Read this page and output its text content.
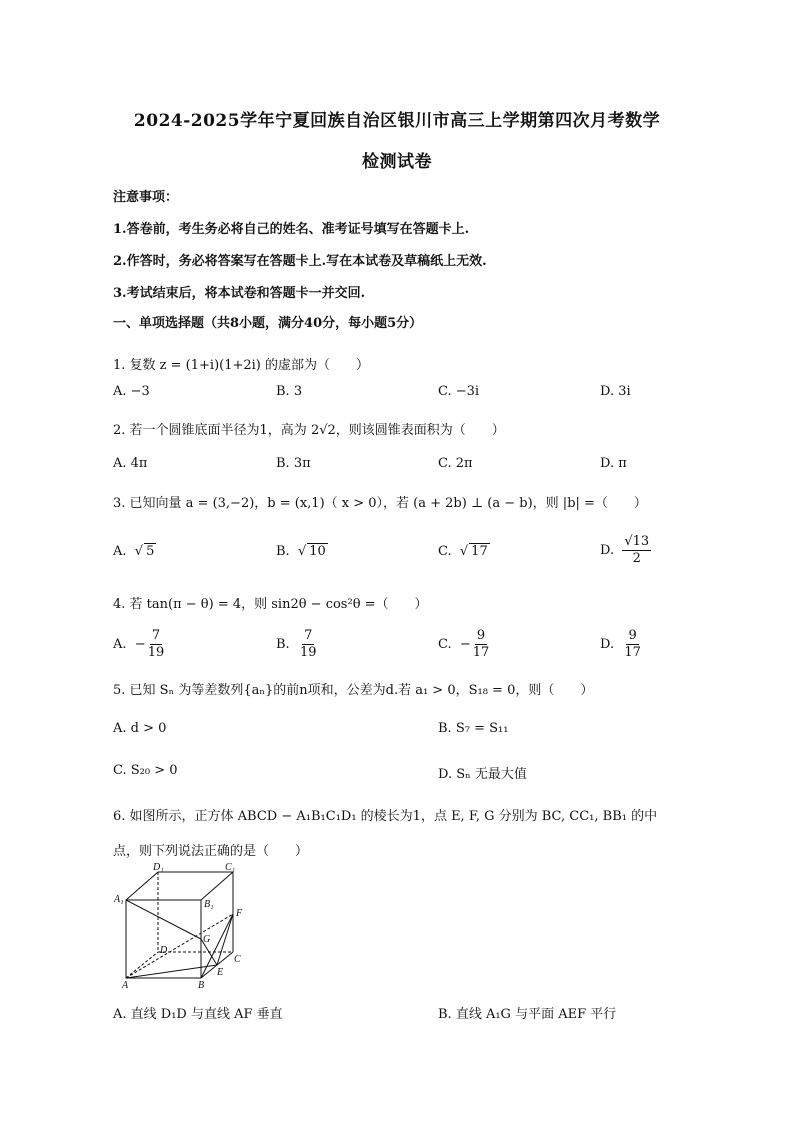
2024-2025学年宁夏回族自治区银川市高三上学期第四次月考数学
检测试卷
注意事项：
1.答卷前，考生务必将自己的姓名、准考证号填写在答题卡上.
2.作答时，务必将答案写在答题卡上.写在本试卷及草稿纸上无效.
3.考试结束后，将本试卷和答题卡一并交回.
一、单项选择题（共8小题，满分40分，每小题5分）
1. 复数 z = (1+i)(1+2i) 的虚部为（　　）
A. −3	B. 3	C. −3i	D. 3i
2. 若一个圆锥底面半径为1，高为 2√2，则该圆锥表面积为（　　）
A. 4π	B. 3π	C. 2π	D. π
3. 已知向量 a = (3,−2)，b = (x,1)（ x > 0），若 (a + 2b) ⊥ (a − b)，则 |b| =（　　）
A.  √ 5	B.  √ 10	C.  √ 17	D. $\frac{√13}{2}$
4. 若 tan(π − θ) = 4，则 sin2θ − cos²θ =（　　）
A.  − $\frac{7}{19}$	B. $\frac{7}{19}$	C.  − $\frac{9}{17}$	D. $\frac{9}{17}$
5. 已知 Sₙ 为等差数列{aₙ}的前n项和，公差为d.若 a₁ > 0，S₁₈ = 0，则（　　）
A. d > 0	B. S₇ = S₁₁
C. S₂₀ > 0	D. Sₙ 无最大值
6. 如图所示，正方体 ABCD − A₁B₁C₁D₁ 的棱长为1，点 E, F, G 分别为 BC, CC₁, BB₁ 的中
点，则下列说法正确的是（　　）
D₁	C₁
A₁	B₁
F
G
D
C
A	B
E
A. 直线 D₁D 与直线 AF 垂直	B. 直线 A₁G 与平面 AEF 平行
